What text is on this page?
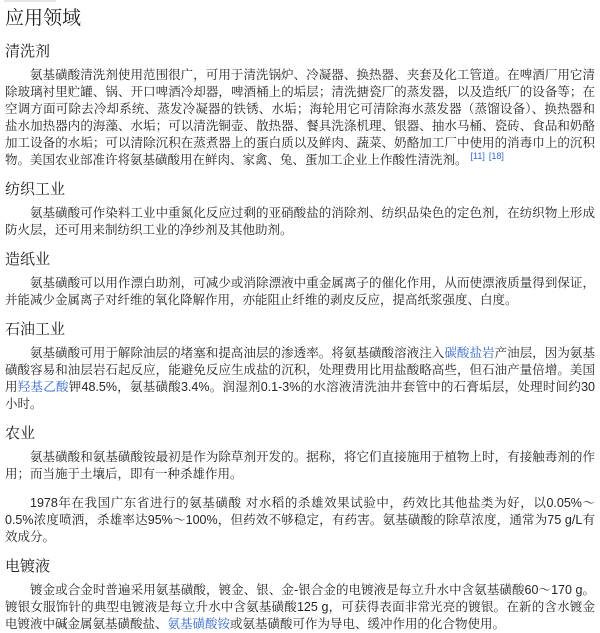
应用领域
清洗剂

氨基磺酸清洗剂使用范围很广，可用于清洗锅炉、冷凝器、换热器、夹套及化工管道。在啤酒厂用它清除玻璃衬里贮罐、锅、开口啤酒冷却器，啤酒桶上的垢层；清洗搪瓷厂的蒸发器，以及造纸厂的设备等；在空调方面可除去冷却系统、蒸发冷凝器的铁锈、水垢；海轮用它可清除海水蒸发器（蒸馏设备）、换热器和盐水加热器内的海藻、水垢；可以清洗铜壶、散热器、餐具洗涤机理、银器、抽水马桶、瓷砖、食品和奶酪加工设备的水垢；可以清除沉积在蒸煮器上的蛋白质以及鲜肉、蔬菜、奶酪加工厂中使用的消毒巾上的沉积物。美国农业部准许将氨基磺酸用在鲜肉、家禽、兔、蛋加工企业上作酸性清洗剂。 [11] [18]

纺织工业

氨基磺酸可作染料工业中重氮化反应过剩的亚硝酸盐的消除剂、纺织品染色的定色剂，在纺织物上形成防火层，还可用来制纺织工业的净纱剂及其他助剂。

造纸业

氨基磺酸可以用作漂白助剂，可减少或消除漂液中重金属离子的催化作用，从而使漂液质量得到保证，并能减少金属离子对纤维的氧化降解作用，亦能阻止纤维的剥皮反应，提高纸浆强度、白度。

石油工业

氨基磺酸可用于解除油层的堵塞和提高油层的渗透率。将氨基磺酸溶液注入碳酸盐岩产油层，因为氨基磺酸容易和油层岩石起反应，能避免反应生成盐的沉积，处理费用比用盐酸略高些，但石油产量倍增。美国用羟基乙酸钾48.5%，氨基磺酸3.4%。润湿剂0.1-3%的水溶液清洗油井套管中的石膏垢层，处理时间约30小时。

农业

氨基磺酸和氨基磺酸铵最初是作为除草剂开发的。据称，将它们直接施用于植物上时，有接触毒剂的作用；而当施于土壤后，即有一种杀雄作用。

1978年在我国广东省进行的氨基磺酸 对水稻的杀雄效果试验中，药效比其他盐类为好，以0.05%～0.5%浓度喷洒，杀雄率达95%～100%，但药效不够稳定，有药害。氨基磺酸的除草浓度，通常为75 g/L有效成分。

电镀液

镀金或合金时普遍采用氨基磺酸，镀金、银、金-银合金的电镀液是每立升水中含氨基磺酸60～170 g。镀银女服饰针的典型电镀液是每立升水中含氨基磺酸125 g，可获得表面非常光亮的镀银。在新的含水镀金电镀液中碱金属氨基磺酸盐、氨基磺酸铵或氨基磺酸可作为导电、缓冲作用的化合物使用。
